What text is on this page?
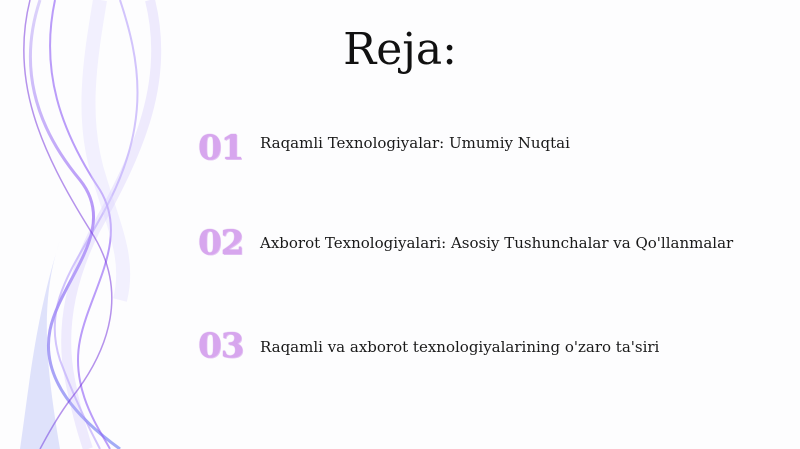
Reja:
01	Raqamli Texnologiyalar: Umumiy Nuqtai
02	Axborot Texnologiyalari: Asosiy Tushunchalar va Qo'llanmalar
03	Raqamli va axborot texnologiyalarining o'zaro ta'siri
